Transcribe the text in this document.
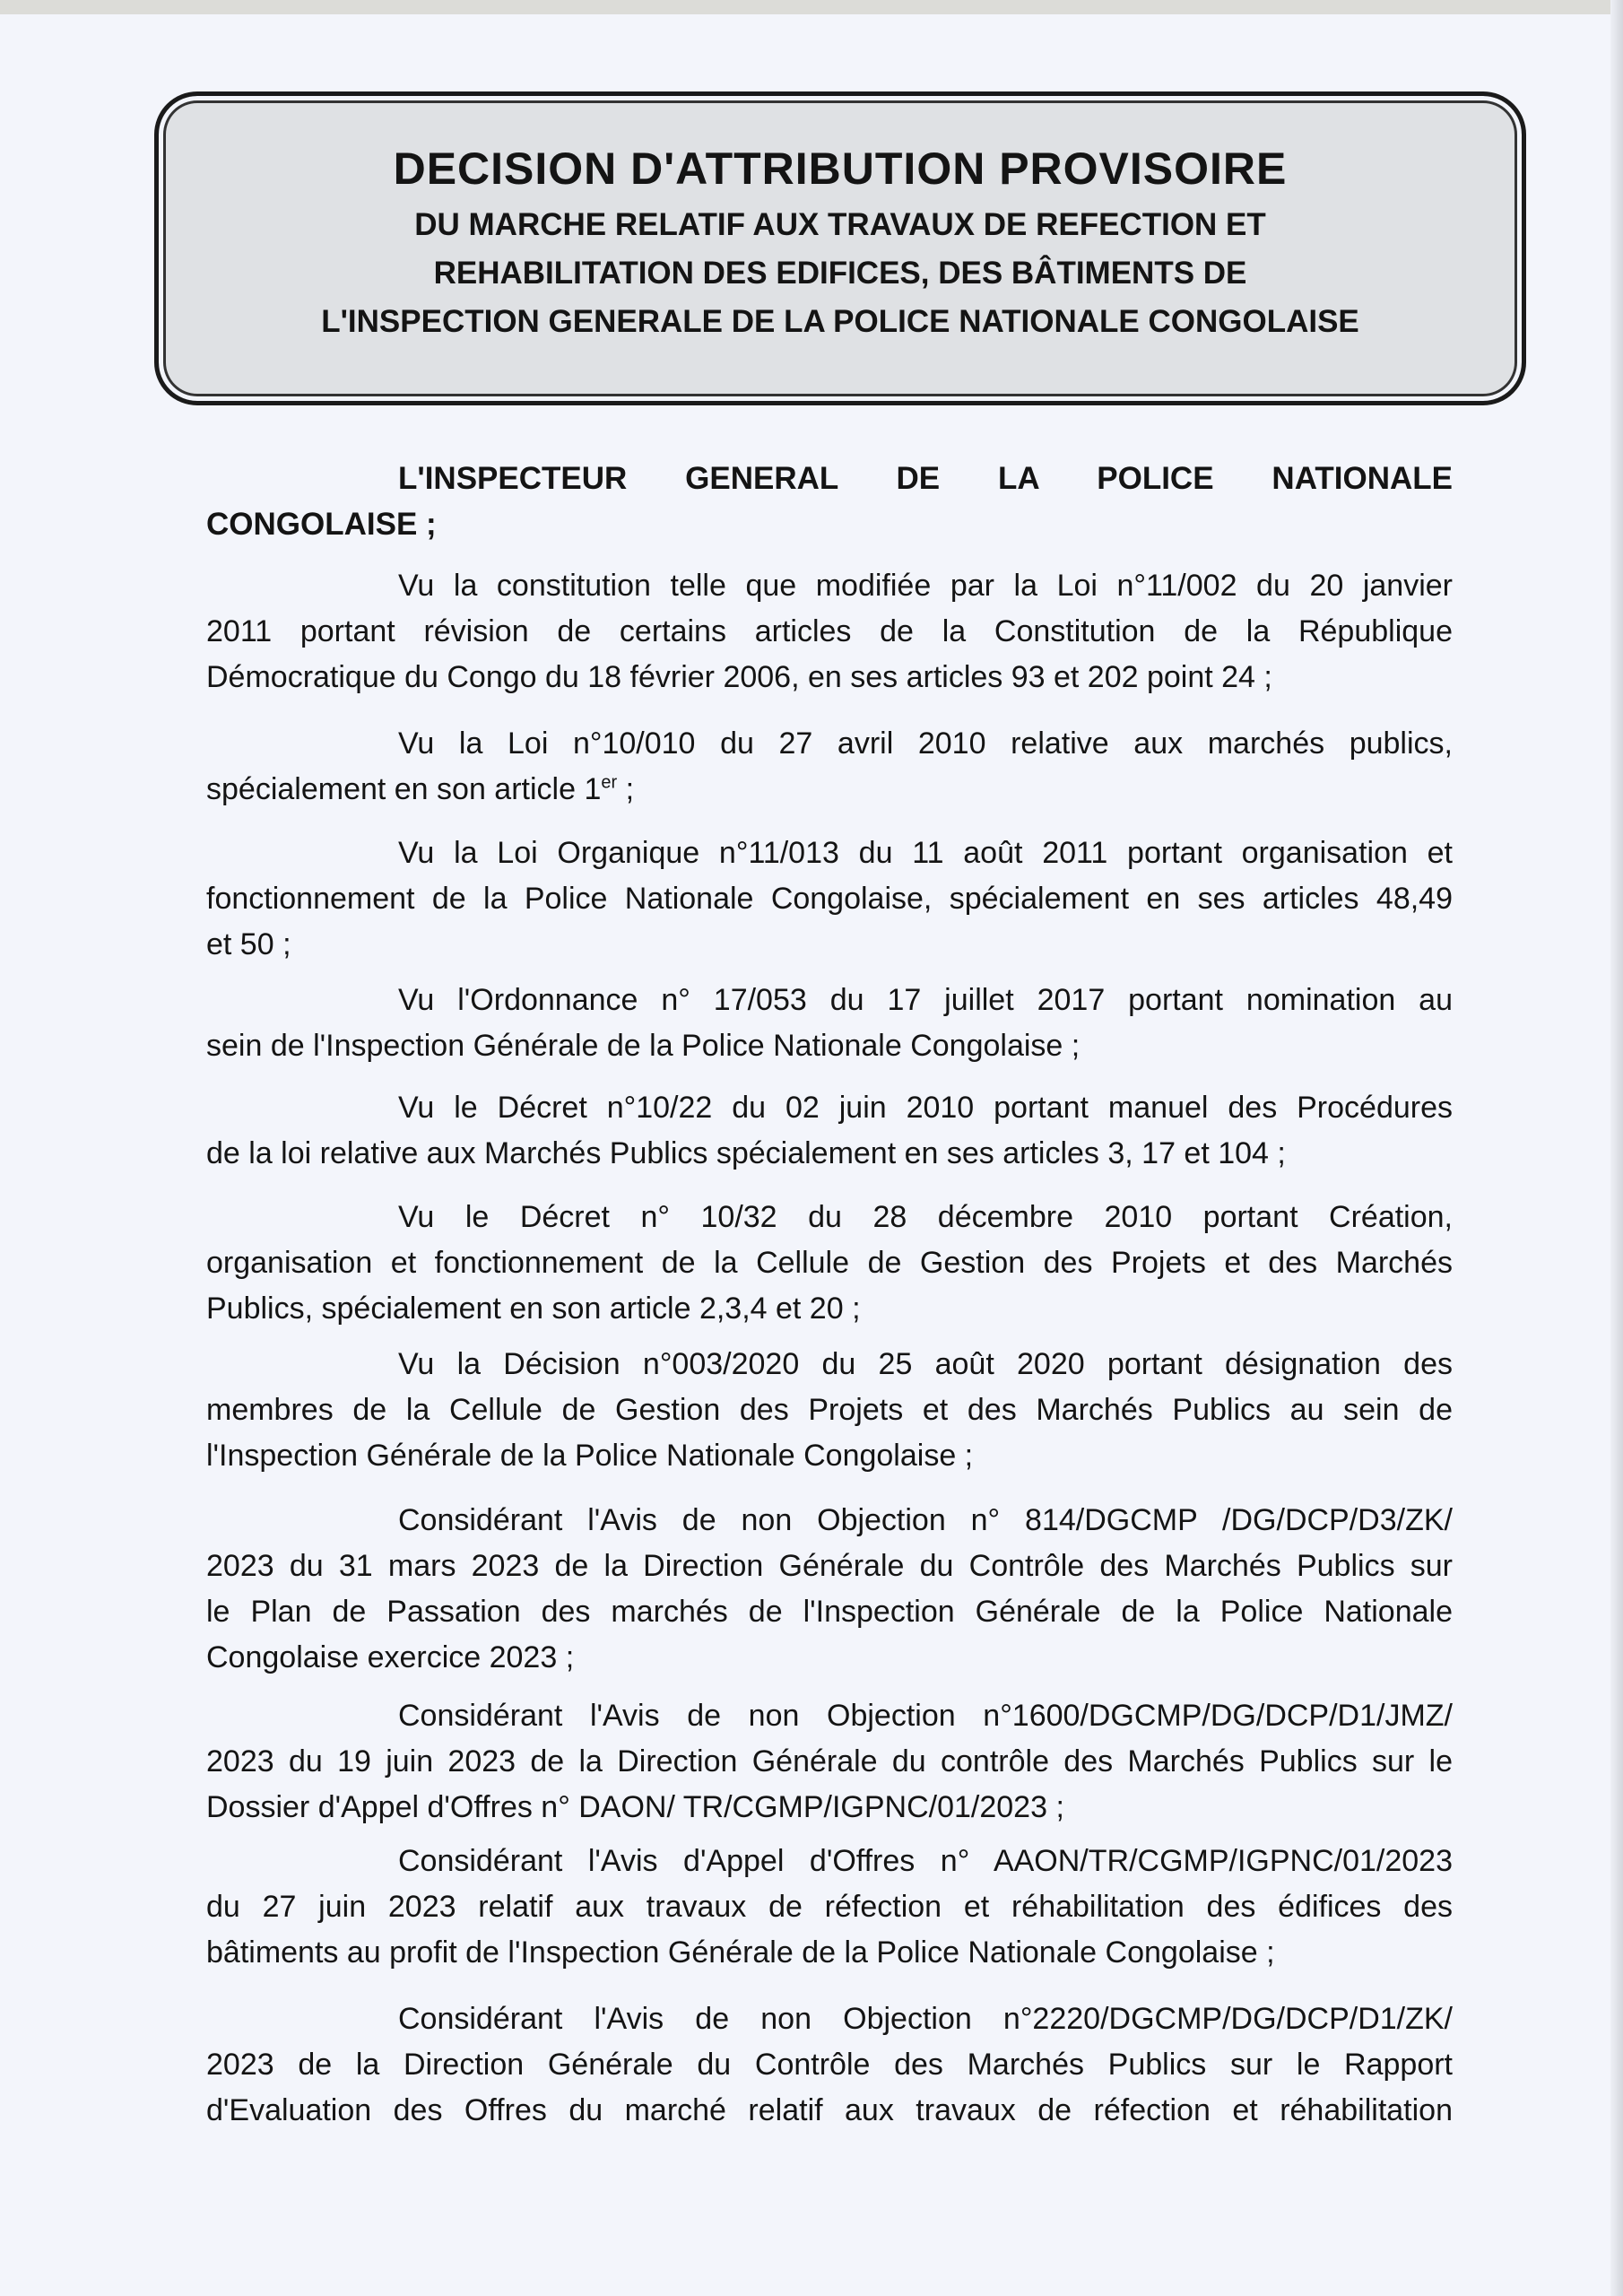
DECISION D'ATTRIBUTION PROVISOIRE
DU MARCHE RELATIF AUX TRAVAUX DE REFECTION ET
REHABILITATION DES EDIFICES, DES BÂTIMENTS DE
L'INSPECTION GENERALE DE LA POLICE NATIONALE CONGOLAISE
L'INSPECTEUR GENERAL DE LA POLICE NATIONALE
CONGOLAISE ;
Vu la constitution telle que modifiée par la Loi n°11/002 du 20 janvier
2011 portant révision de certains articles de la Constitution de la République
Démocratique du Congo du 18 février 2006, en ses articles 93 et 202 point 24 ;
Vu la Loi n°10/010 du 27 avril 2010 relative aux marchés publics,
spécialement en son article 1er ;
Vu la Loi Organique n°11/013 du 11 août 2011 portant organisation et
fonctionnement de la Police Nationale Congolaise, spécialement en ses articles 48,49
et 50 ;
Vu l'Ordonnance n° 17/053 du 17 juillet 2017 portant nomination au
sein de l'Inspection Générale de la Police Nationale Congolaise ;
Vu le Décret n°10/22 du 02 juin 2010 portant manuel des Procédures
de la loi relative aux Marchés Publics spécialement en ses articles 3, 17 et 104 ;
Vu le Décret n° 10/32 du 28 décembre 2010 portant Création,
organisation et fonctionnement de la Cellule de Gestion des Projets et des Marchés
Publics, spécialement en son article 2,3,4 et 20 ;
Vu la Décision n°003/2020 du 25 août 2020 portant désignation des
membres de la Cellule de Gestion des Projets et des Marchés Publics au sein de
l'Inspection Générale de la Police Nationale Congolaise ;
Considérant l'Avis de non Objection n° 814/DGCMP /DG/DCP/D3/ZK/
2023 du 31 mars 2023 de la Direction Générale du Contrôle des Marchés Publics sur
le Plan de Passation des marchés de l'Inspection Générale de la Police Nationale
Congolaise exercice 2023 ;
Considérant l'Avis de non Objection n°1600/DGCMP/DG/DCP/D1/JMZ/
2023 du 19 juin 2023 de la Direction Générale du contrôle des Marchés Publics sur le
Dossier d'Appel d'Offres n° DAON/ TR/CGMP/IGPNC/01/2023 ;
Considérant l'Avis d'Appel d'Offres n° AAON/TR/CGMP/IGPNC/01/2023
du 27 juin 2023 relatif aux travaux de réfection et réhabilitation des édifices des
bâtiments au profit de l'Inspection Générale de la Police Nationale Congolaise ;
Considérant l'Avis de non Objection n°2220/DGCMP/DG/DCP/D1/ZK/
2023 de la Direction Générale du Contrôle des Marchés Publics sur le Rapport
d'Evaluation des Offres du marché relatif aux travaux de réfection et réhabilitation
